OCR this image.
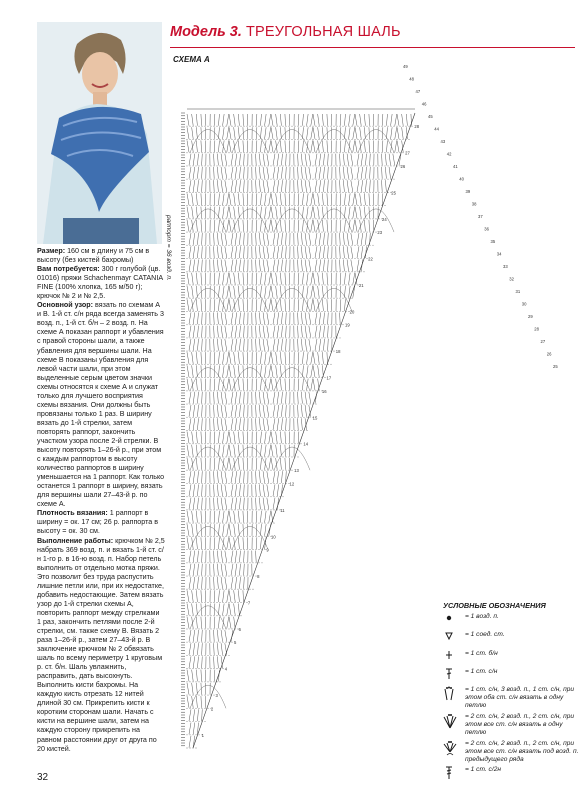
Модель 3. ТРЕУГОЛЬНАЯ ШАЛЬ
СХЕМА А
28
27
26
25
24
23
22
21
20
19
18
17
16
15
14
13
12
11
10
9
8
7
6
5
4
3
2
1
49
48
47
46
45
44
43
42
41
40
39
38
37
36
35
34
33
32
31
30
29
28
27
26
25
раппорт = 36 возд. п.

Размер: 160 см в длину и 75 см в высоту (без кистей бахромы)

Вам потребуется: 300 г голубой (цв. 01016) пряжи Schachenmayr CATANIA FINE (100% хлопка, 165 м/50 г); крючок № 2 и № 2,5.

Основной узор: вязать по схемам А и В. 1-й ст. с/н ряда всегда заменять 3 возд. п., 1-й ст. б/н – 2 возд. п. На схеме А показан раппорт и убавления с правой стороны шали, а также убавления для вершины шали. На схеме В показаны убавления для левой части шали, при этом выделенные серым цветом значки схемы относятся к схеме А и служат только для лучшего восприятия схемы вязания. Они должны быть провязаны только 1 раз. В ширину вязать до 1-й стрелки, затем повторять раппорт, закончить участком узора после 2-й стрелки. В высоту повторять 1–26-й р., при этом с каждым раппортом в высоту количество раппортов в ширину уменьшается на 1 раппорт. Как только останется 1 раппорт в ширину, вязать для вершины шали 27–43-й р. по схеме А.

Плотность вязания: 1 раппорт в ширину = ок. 17 см; 26 р. раппорта в высоту = ок. 30 см.

Выполнение работы: крючком № 2,5 набрать 369 возд. п. и вязать 1-й ст. с/н 1-го р. в 16-ю возд. п. Набор петель выполнить от отдельно мотка пряжи. Это позволит без труда распустить лишние петли или, при их недостатке, добавить недостающие. Затем вязать узор до 1-й стрелки схемы А, повторить раппорт между стрелками 1 раз, закончить петлями после 2-й стрелки, см. также схему В. Вязать 2 раза 1–26-й р., затем 27–43-й р. В заключение крючком № 2 обвязать шаль по всему периметру 1 круговым р. ст. б/н. Шаль увлажнить, расправить, дать высохнуть. Выполнить кисти бахромы. На каждую кисть отрезать 12 нитей длиной 30 см. Прикрепить кисти к коротким сторонам шали. Начать с кисти на вершине шали, затем на каждую сторону прикрепить на равном расстоянии друг от друга по 20 кистей.

УСЛОВНЫЕ ОБОЗНАЧЕНИЯ
= 1 возд. п.
= 1 соед. ст.
= 1 ст. б/н
= 1 ст. с/н
= 1 ст. с/н, 3 возд. п., 1 ст. с/н, при этом оба ст. с/н вязать в одну петлю
= 2 ст. с/н, 2 возд. п., 2 ст. с/н, при этом все ст. с/н вязать в одну петлю
= 2 ст. с/н, 2 возд. п., 2 ст. с/н, при этом все ст. с/н вязать под возд. п. предыдущего ряда
= 1 ст. с/2н
32
